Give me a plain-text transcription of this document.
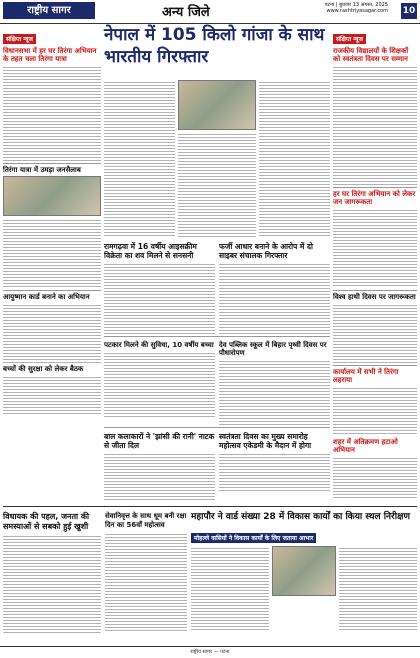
राष्ट्रीय सागर	अन्य जिले	पटना | बुधवार 13 अगस्त, 2025
www.rashtriyasagar.com 10
संक्षिप्त न्यूज
विधानसभा में हर घर तिरंगा अभियान के तहत चला तिरंगा यात्रा
तिरंगा यात्रा में उमड़ा जनसैलाब
आयुष्मान कार्ड बनाने का अभियान
बच्चों की सुरक्षा को लेकर बैठक
नेपाल में 105 किलो गांजा के साथ भारतीय गिरफ्तार
रामगढ़वा में 16 वर्षीय आइसक्रीम विक्रेता का शव मिलने से सनसनी
फर्जी आधार बनाने के आरोप में दो साइबर संचालक गिरफ्तार
पटकार मिलने की सुविधा, 10 वर्षीय बच्चा देव पब्लिक स्कूल में बिहार पृथ्वी दिवस पर पौधारोपण
बाल कलाकारों ने 'झांसी की रानी' नाटक से जीता दिल
स्वतंत्रता दिवस का मुख्य समारोह महोत्सव एकेडमी के मैदान में होगा
संक्षिप्त न्यूज
राजकीय विद्यालयों के शिक्षकों को स्वतंत्रता दिवस पर सम्मान
हर घर तिरंगा अभियान को लेकर जन जागरूकता
विश्व हाथी दिवस पर जागरूकता
कार्यालय में सभी ने तिरंगा लहराया
शहर में अतिक्रमण हटाओ अभियान
विधायक की पहल, जनता की समस्याओं से सबको हुई खुशी
सेवानिवृत्त के साथ धूम बनी रक्षा दिन का 56वाँ महोत्सव
महापौर ने वार्ड संख्या 28 में विकास कार्यों का किया स्थल निरीक्षण
मोहल्ले वासियों ने विकास कार्यों के लिए जताया आभार
राष्ट्रीय सागर — पटना
